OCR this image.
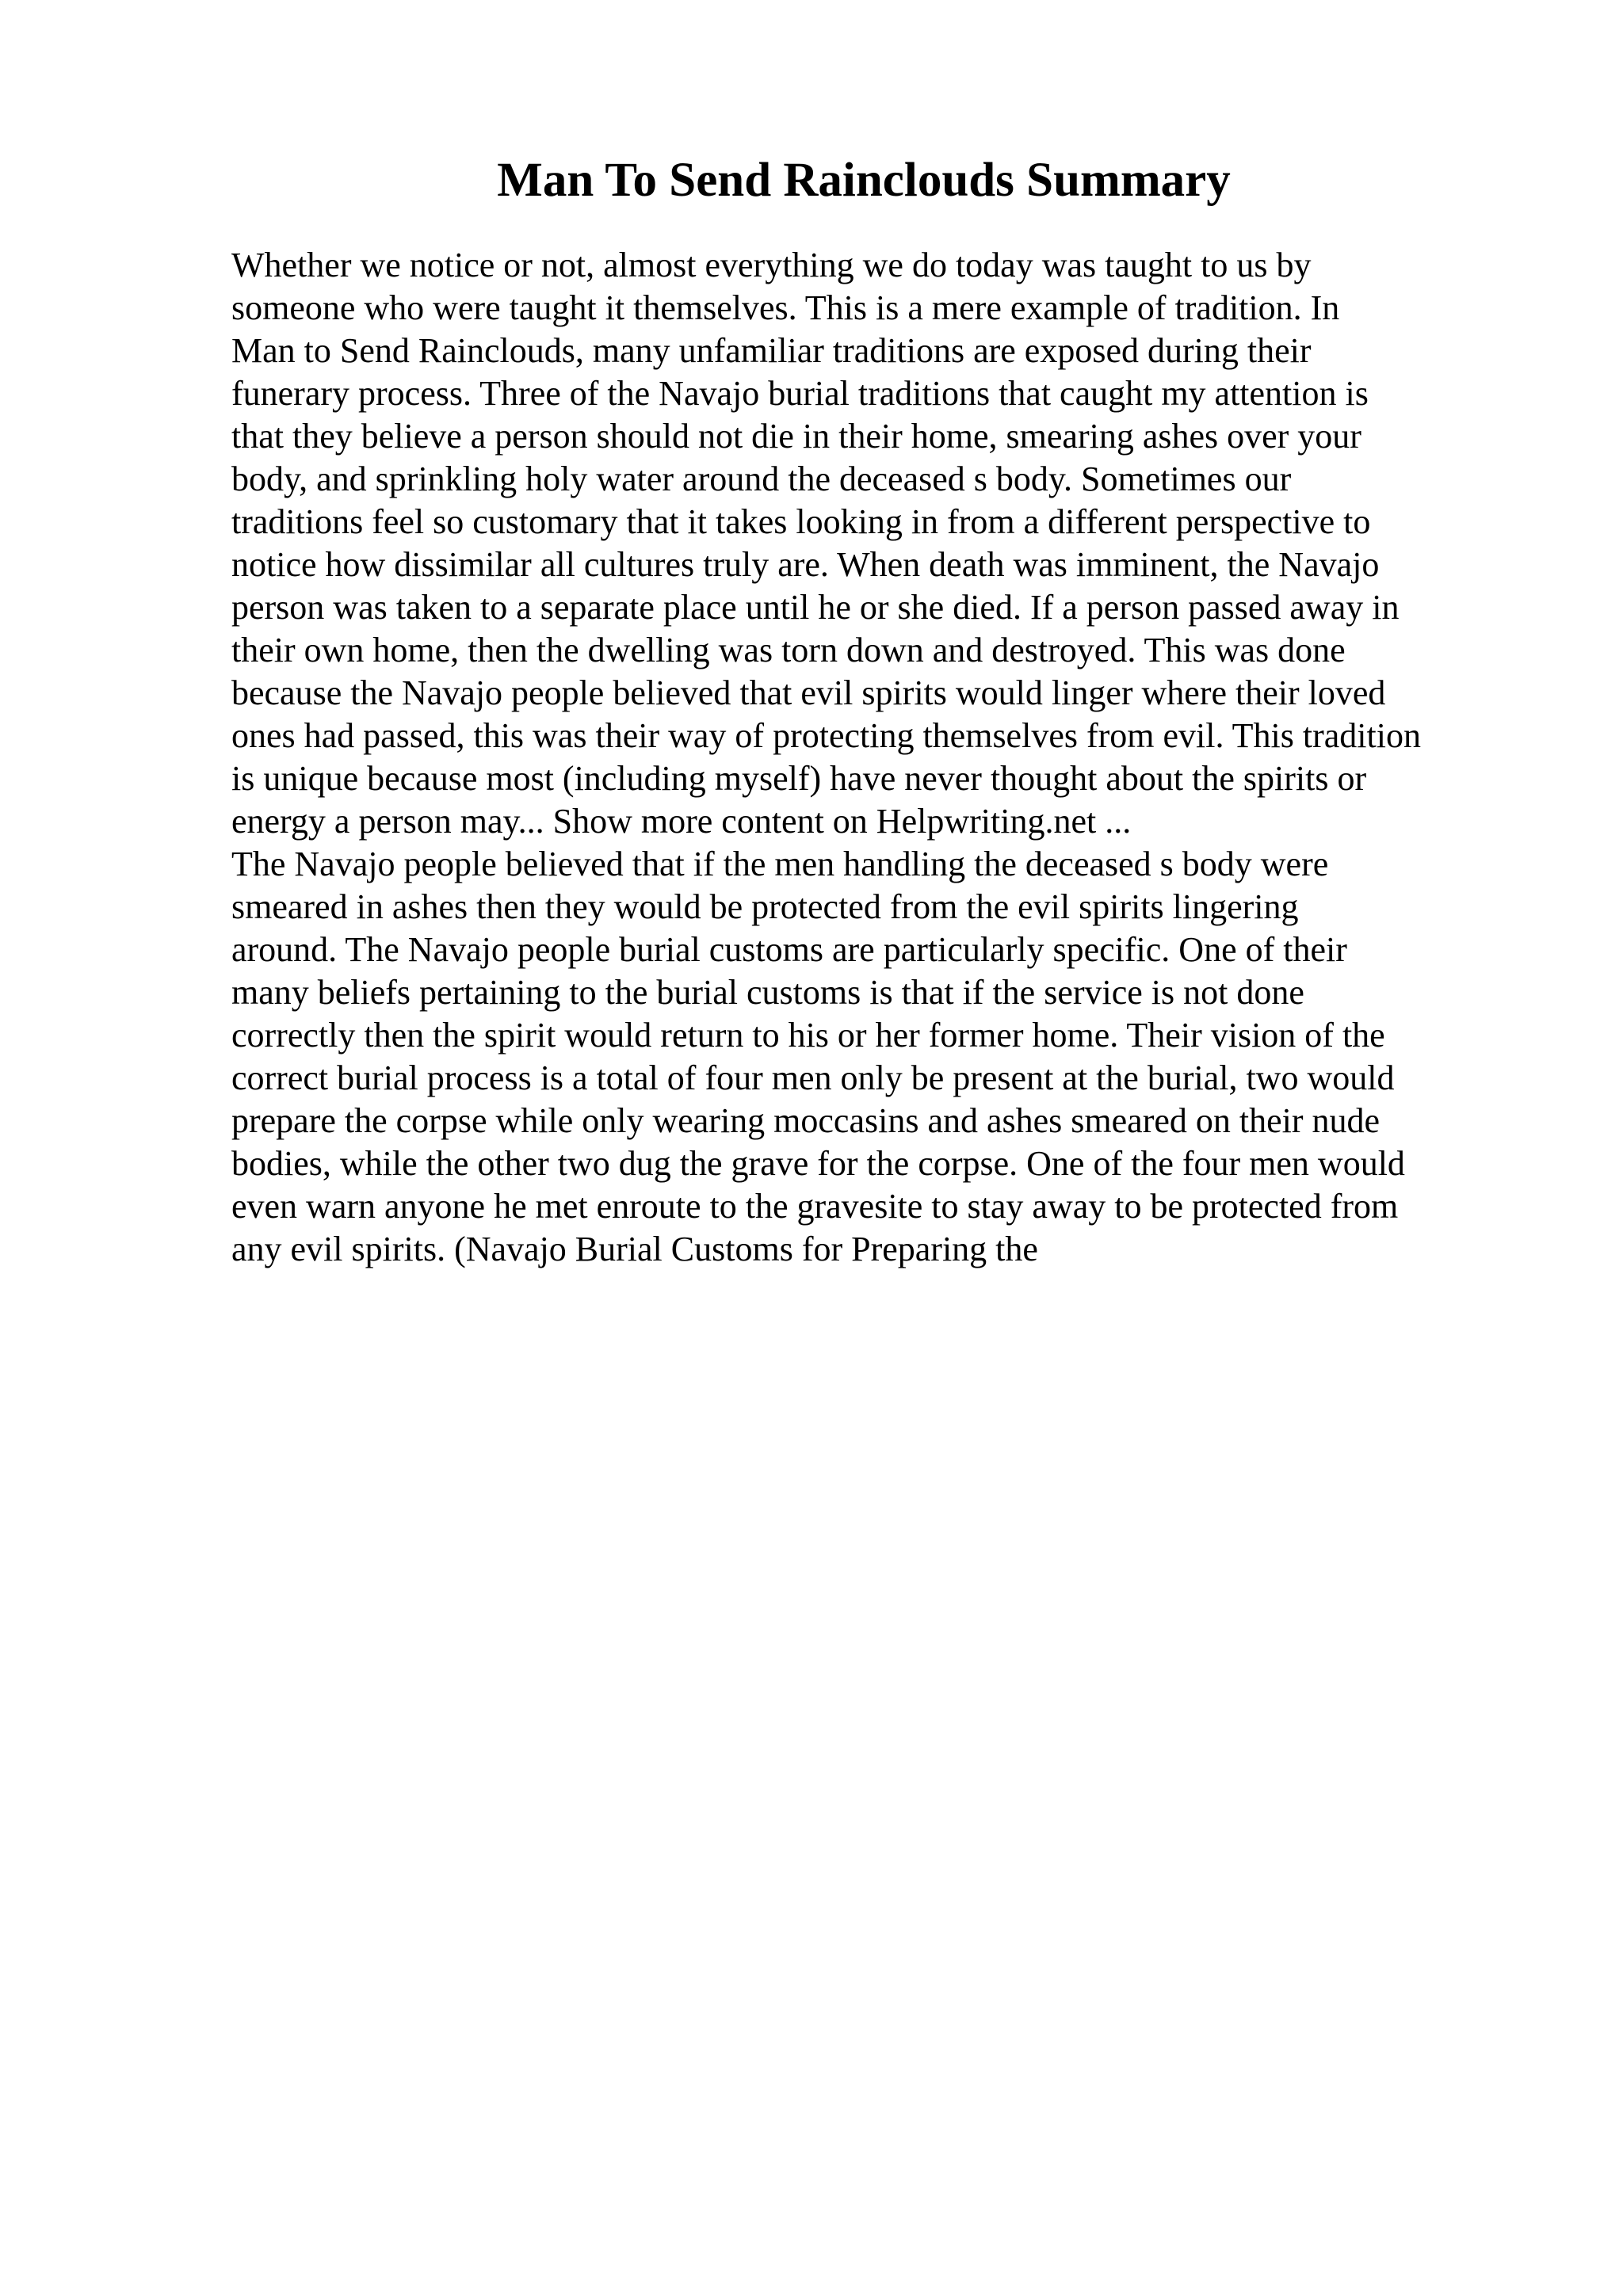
Man To Send Rainclouds Summary
Whether we notice or not, almost everything we do today was taught to us by
someone who were taught it themselves. This is a mere example of tradition. In
Man to Send Rainclouds, many unfamiliar traditions are exposed during their
funerary process. Three of the Navajo burial traditions that caught my attention is
that they believe a person should not die in their home, smearing ashes over your
body, and sprinkling holy water around the deceased s body. Sometimes our
traditions feel so customary that it takes looking in from a different perspective to
notice how dissimilar all cultures truly are. When death was imminent, the Navajo
person was taken to a separate place until he or she died. If a person passed away in
their own home, then the dwelling was torn down and destroyed. This was done
because the Navajo people believed that evil spirits would linger where their loved
ones had passed, this was their way of protecting themselves from evil. This tradition
is unique because most (including myself) have never thought about the spirits or
energy a person may... Show more content on Helpwriting.net ...
The Navajo people believed that if the men handling the deceased s body were
smeared in ashes then they would be protected from the evil spirits lingering
around. The Navajo people burial customs are particularly specific. One of their
many beliefs pertaining to the burial customs is that if the service is not done
correctly then the spirit would return to his or her former home. Their vision of the
correct burial process is a total of four men only be present at the burial, two would
prepare the corpse while only wearing moccasins and ashes smeared on their nude
bodies, while the other two dug the grave for the corpse. One of the four men would
even warn anyone he met enroute to the gravesite to stay away to be protected from
any evil spirits. (Navajo Burial Customs for Preparing the
